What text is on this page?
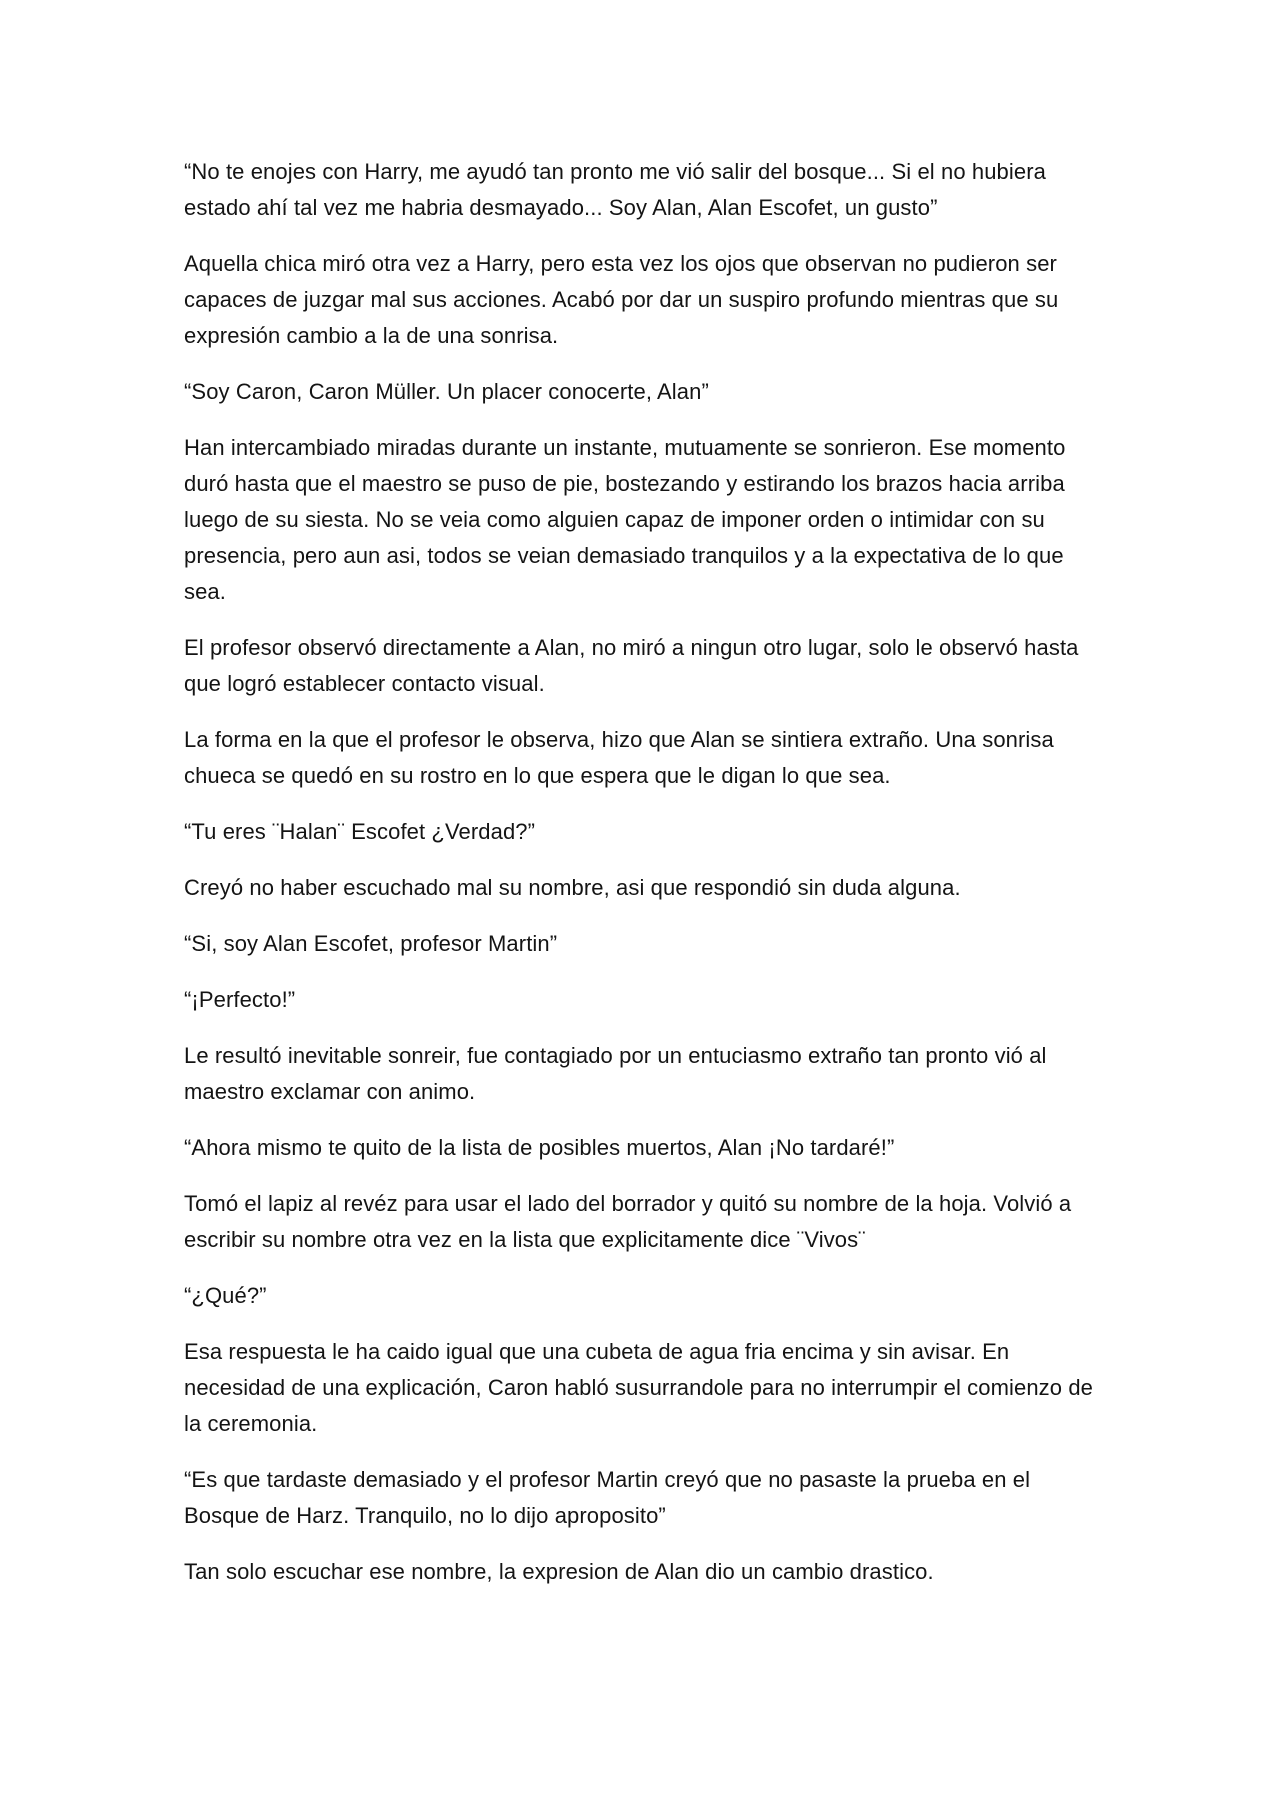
“No te enojes con Harry, me ayudó tan pronto me vió salir del bosque... Si el no hubiera estado ahí tal vez me habria desmayado... Soy Alan, Alan Escofet, un gusto”

Aquella chica miró otra vez a Harry, pero esta vez los ojos que observan no pudieron ser capaces de juzgar mal sus acciones. Acabó por dar un suspiro profundo mientras que su expresión cambio a la de una sonrisa.

“Soy Caron, Caron Müller. Un placer conocerte, Alan”

Han intercambiado miradas durante un instante, mutuamente se sonrieron. Ese momento duró hasta que el maestro se puso de pie, bostezando y estirando los brazos hacia arriba luego de su siesta. No se veia como alguien capaz de imponer orden o intimidar con su presencia, pero aun asi, todos se veian demasiado tranquilos y a la expectativa de lo que sea.

El profesor observó directamente a Alan, no miró a ningun otro lugar, solo le observó hasta que logró establecer contacto visual.

La forma en la que el profesor le observa, hizo que Alan se sintiera extraño. Una sonrisa chueca se quedó en su rostro en lo que espera que le digan lo que sea.

“Tu eres ¨Halan¨ Escofet ¿Verdad?”

Creyó no haber escuchado mal su nombre, asi que respondió sin duda alguna.

“Si, soy Alan Escofet, profesor Martin”

“¡Perfecto!”

Le resultó inevitable sonreir, fue contagiado por un entuciasmo extraño tan pronto vió al maestro exclamar con animo.

“Ahora mismo te quito de la lista de posibles muertos, Alan ¡No tardaré!”

Tomó el lapiz al revéz para usar el lado del borrador y quitó su nombre de la hoja. Volvió a escribir su nombre otra vez en la lista que explicitamente dice ¨Vivos¨

“¿Qué?”

Esa respuesta le ha caido igual que una cubeta de agua fria encima y sin avisar. En necesidad de una explicación, Caron habló susurrandole para no interrumpir el comienzo de la ceremonia.

“Es que tardaste demasiado y el profesor Martin creyó que no pasaste la prueba en el Bosque de Harz. Tranquilo, no lo dijo aproposito”

Tan solo escuchar ese nombre, la expresion de Alan dio un cambio drastico.
